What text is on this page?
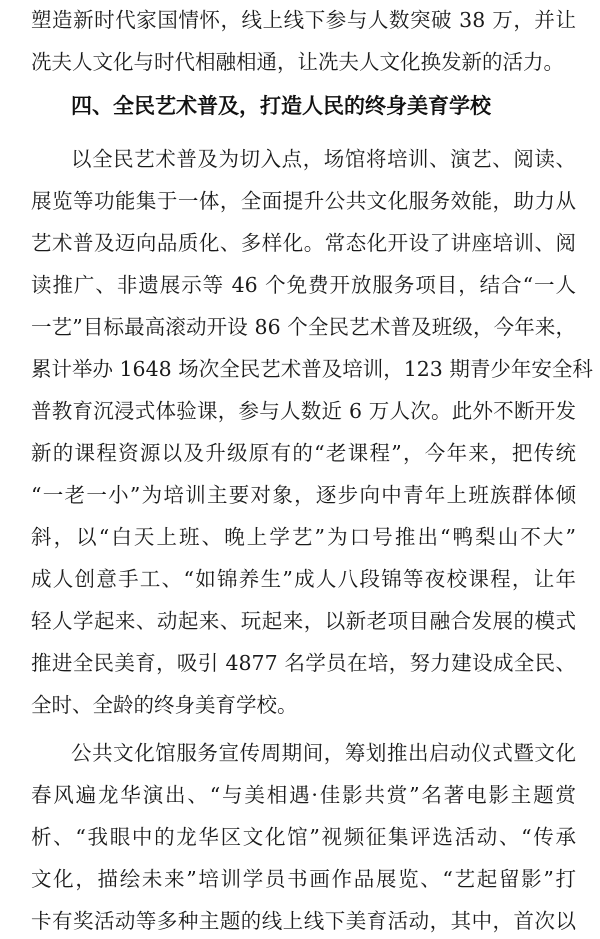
塑造新时代家国情怀，线上线下参与人数突破 38 万，并让
冼夫人文化与时代相融相通，让冼夫人文化换发新的活力。
四、全民艺术普及，打造人民的终身美育学校
以全民艺术普及为切入点，场馆将培训、演艺、阅读、
展览等功能集于一体，全面提升公共文化服务效能，助力从
艺术普及迈向品质化、多样化。常态化开设了讲座培训、阅
读推广、非遗展示等 46 个免费开放服务项目，结合“一人
一艺”目标最高滚动开设 86 个全民艺术普及班级，今年来，
累计举办 1648 场次全民艺术普及培训，123 期青少年安全科
普教育沉浸式体验课，参与人数近 6 万人次。此外不断开发
新的课程资源以及升级原有的“老课程”，今年来，把传统
“一老一小”为培训主要对象，逐步向中青年上班族群体倾
斜，以“白天上班、晚上学艺”为口号推出“鸭梨山不大”
成人创意手工、“如锦养生”成人八段锦等夜校课程，让年
轻人学起来、动起来、玩起来，以新老项目融合发展的模式
推进全民美育，吸引 4877 名学员在培，努力建设成全民、
全时、全龄的终身美育学校。
公共文化馆服务宣传周期间，筹划推出启动仪式暨文化
春风遍龙华演出、“与美相遇·佳影共赏”名著电影主题赏
析、“我眼中的龙华区文化馆”视频征集评选活动、“传承
文化，描绘未来”培训学员书画作品展览、“艺起留影”打
卡有奖活动等多种主题的线上线下美育活动，其中，首次以
